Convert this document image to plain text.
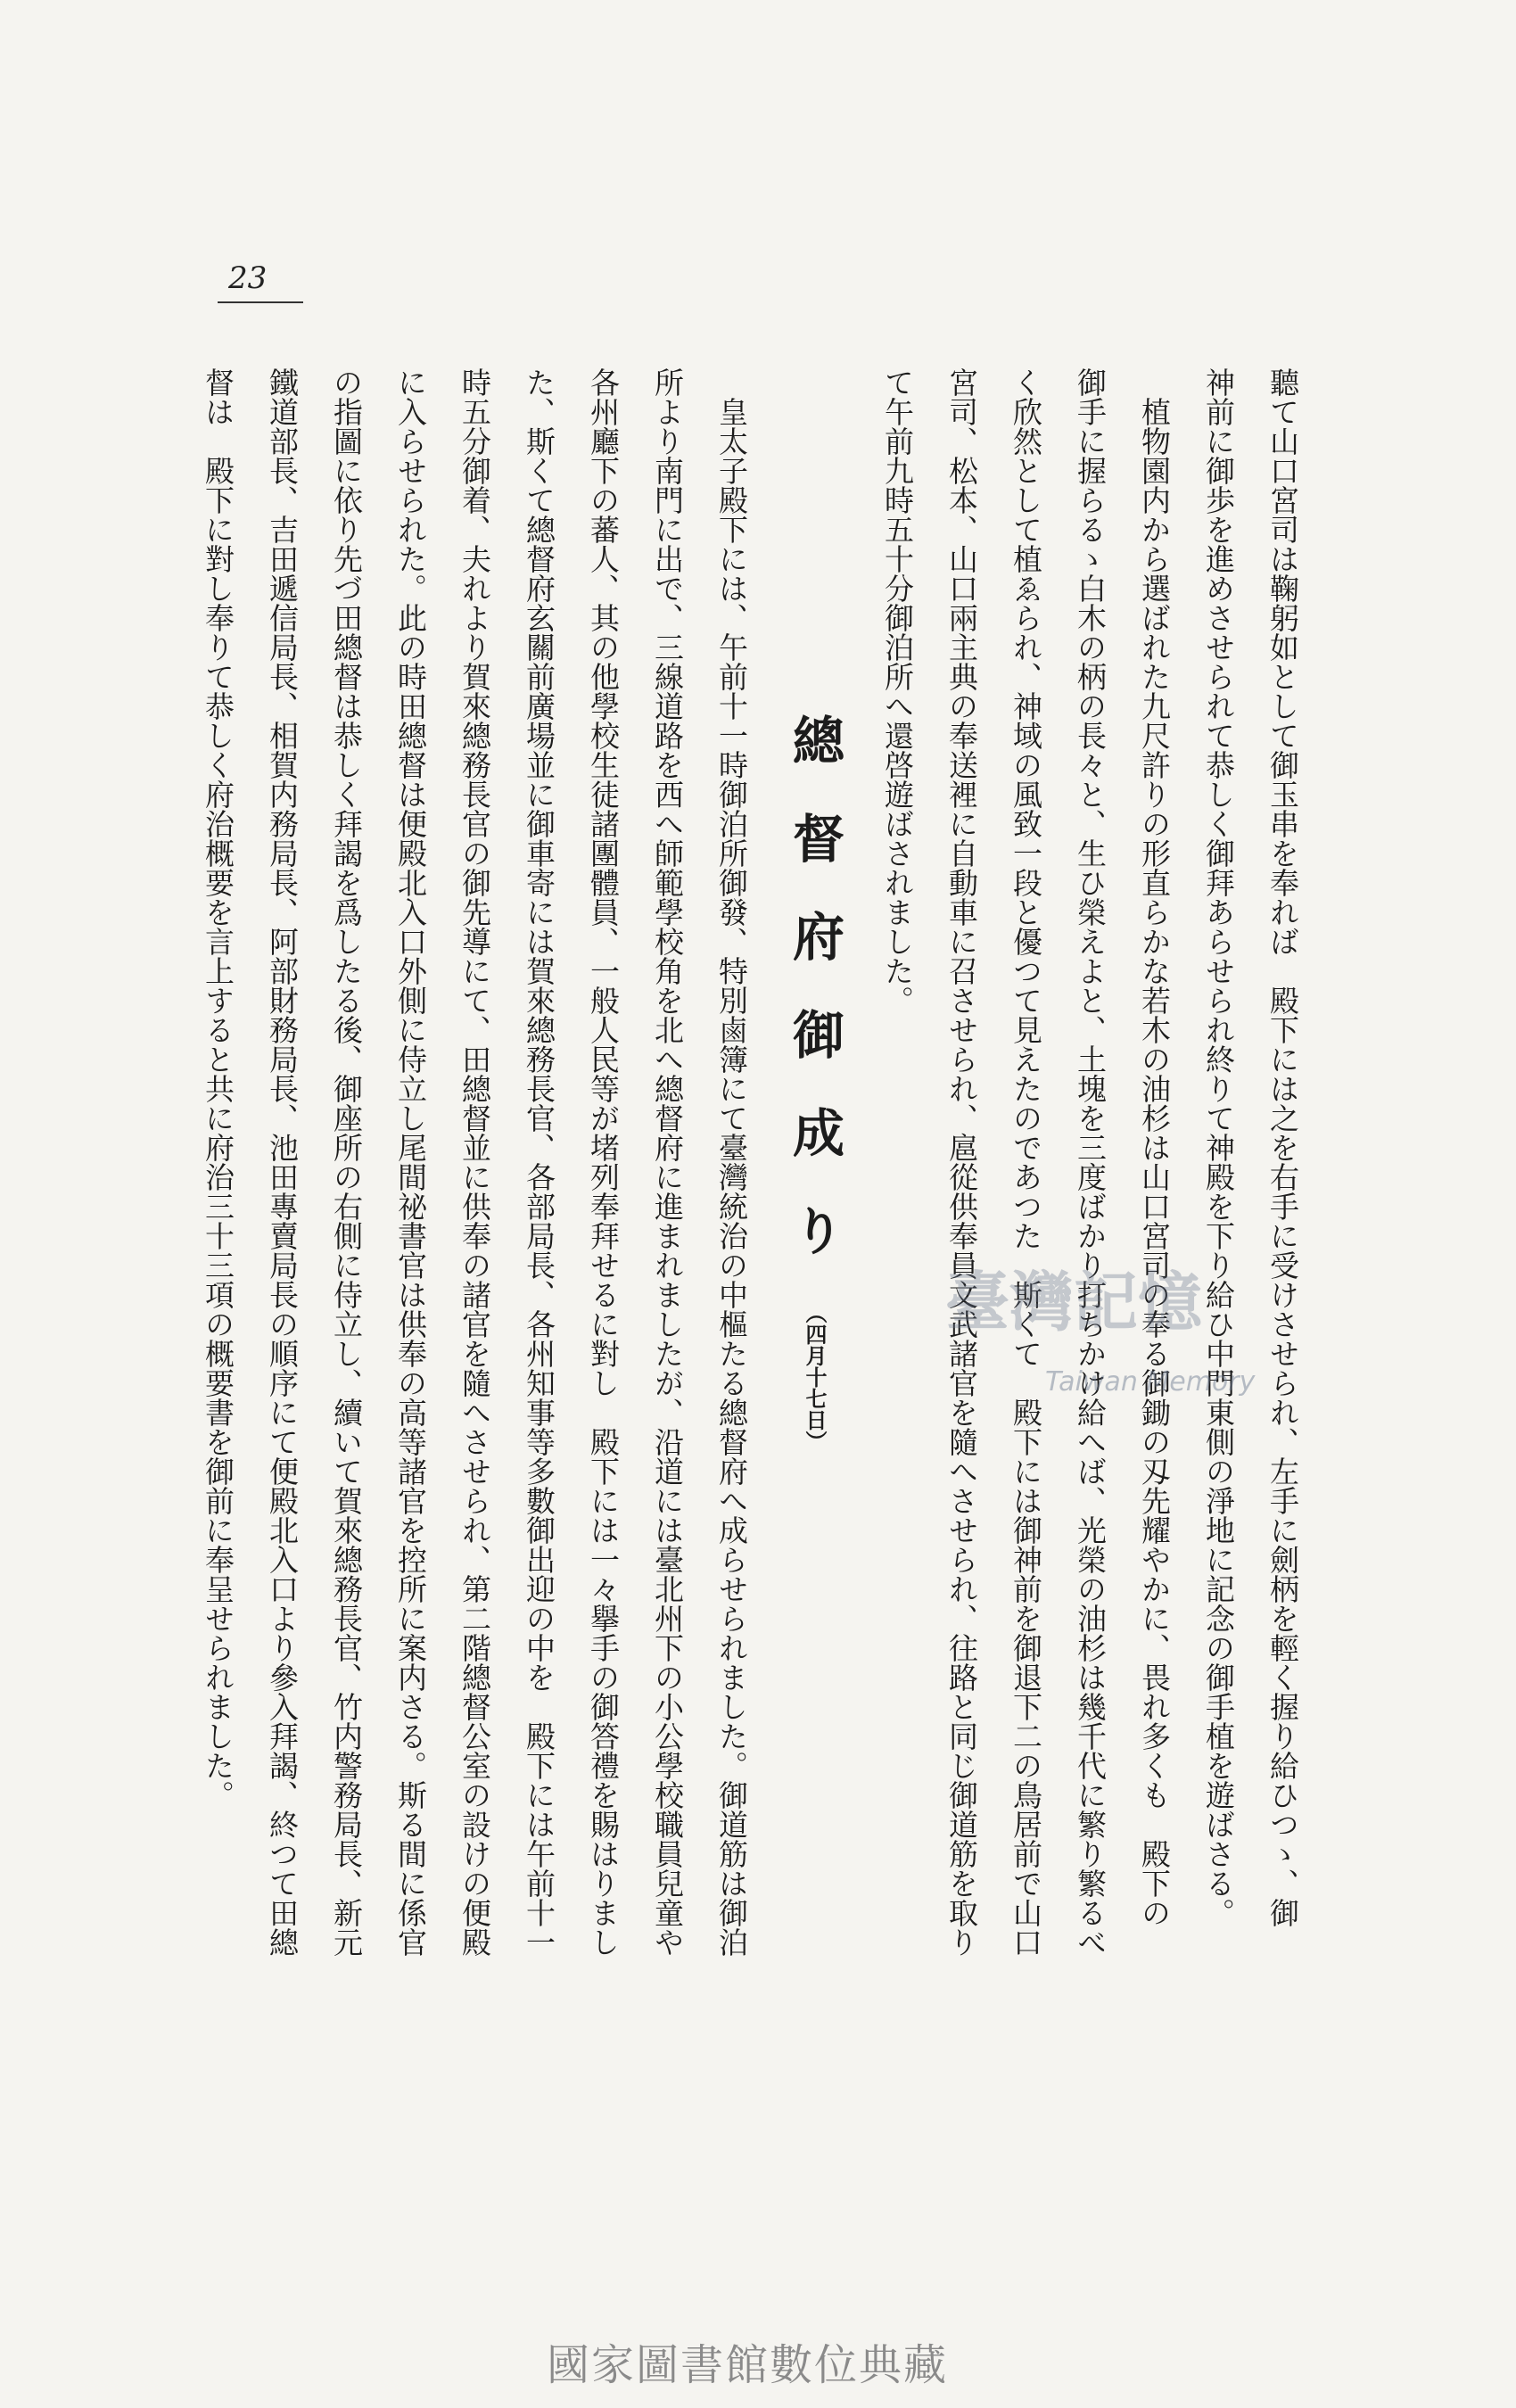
23
聽て山口宮司は鞠躬如として御玉串を奉れば　殿下には之を右手に受けさせられ、左手に劍柄を輕く握り給ひつゝ、御
神前に御歩を進めさせられて恭しく御拜あらせられ終りて神殿を下り給ひ中門東側の淨地に記念の御手植を遊ばさる。
　植物園内から選ばれた九尺許りの形直らかな若木の油杉は山口宮司の奉る御鋤の刄先耀やかに、畏れ多くも　殿下の
御手に握らるゝ白木の柄の長々と、生ひ榮えよと、土塊を三度ばかり打ちかけ給へば、光榮の油杉は幾千代に繁り繁るべ
く欣然として植ゑられ、神域の風致一段と優つて見えたのであつた　斯くて　殿下には御神前を御退下二の鳥居前で山口
宮司、松本、山口兩主典の奉送裡に自動車に召させられ、扈從供奉員文武諸官を隨へさせられ、往路と同じ御道筋を取り
て午前九時五十分御泊所へ還啓遊ばされました。
總督府御成り（四月十七日）
　皇太子殿下には、午前十一時御泊所御發、特別鹵簿にて臺灣統治の中樞たる總督府へ成らせられました。御道筋は御泊
所より南門に出で、三線道路を西へ師範學校角を北へ總督府に進まれましたが、沿道には臺北州下の小公學校職員兒童や
各州廳下の蕃人、其の他學校生徒諸團體員、一般人民等が堵列奉拜せるに對し　殿下には一々擧手の御答禮を賜はりまし
た、斯くて總督府玄關前廣場並に御車寄には賀來總務長官、各部局長、各州知事等多數御出迎の中を　殿下には午前十一
時五分御着、夫れより賀來總務長官の御先導にて、田總督並に供奉の諸官を隨へさせられ、第二階總督公室の設けの便殿
に入らせられた。此の時田總督は便殿北入口外側に侍立し尾間祕書官は供奉の高等諸官を控所に案内さる。斯る間に係官
の指圖に依り先づ田總督は恭しく拜謁を爲したる後、御座所の右側に侍立し、續いて賀來總務長官、竹内警務局長、新元
鐵道部長、吉田遞信局長、相賀内務局長、阿部財務局長、池田專賣局長の順序にて便殿北入口より參入拜謁、終つて田總
督は　殿下に對し奉りて恭しく府治概要を言上すると共に府治三十三項の概要書を御前に奉呈せられました。	臺灣記憶
Taiwan Memory
國家圖書館數位典藏
